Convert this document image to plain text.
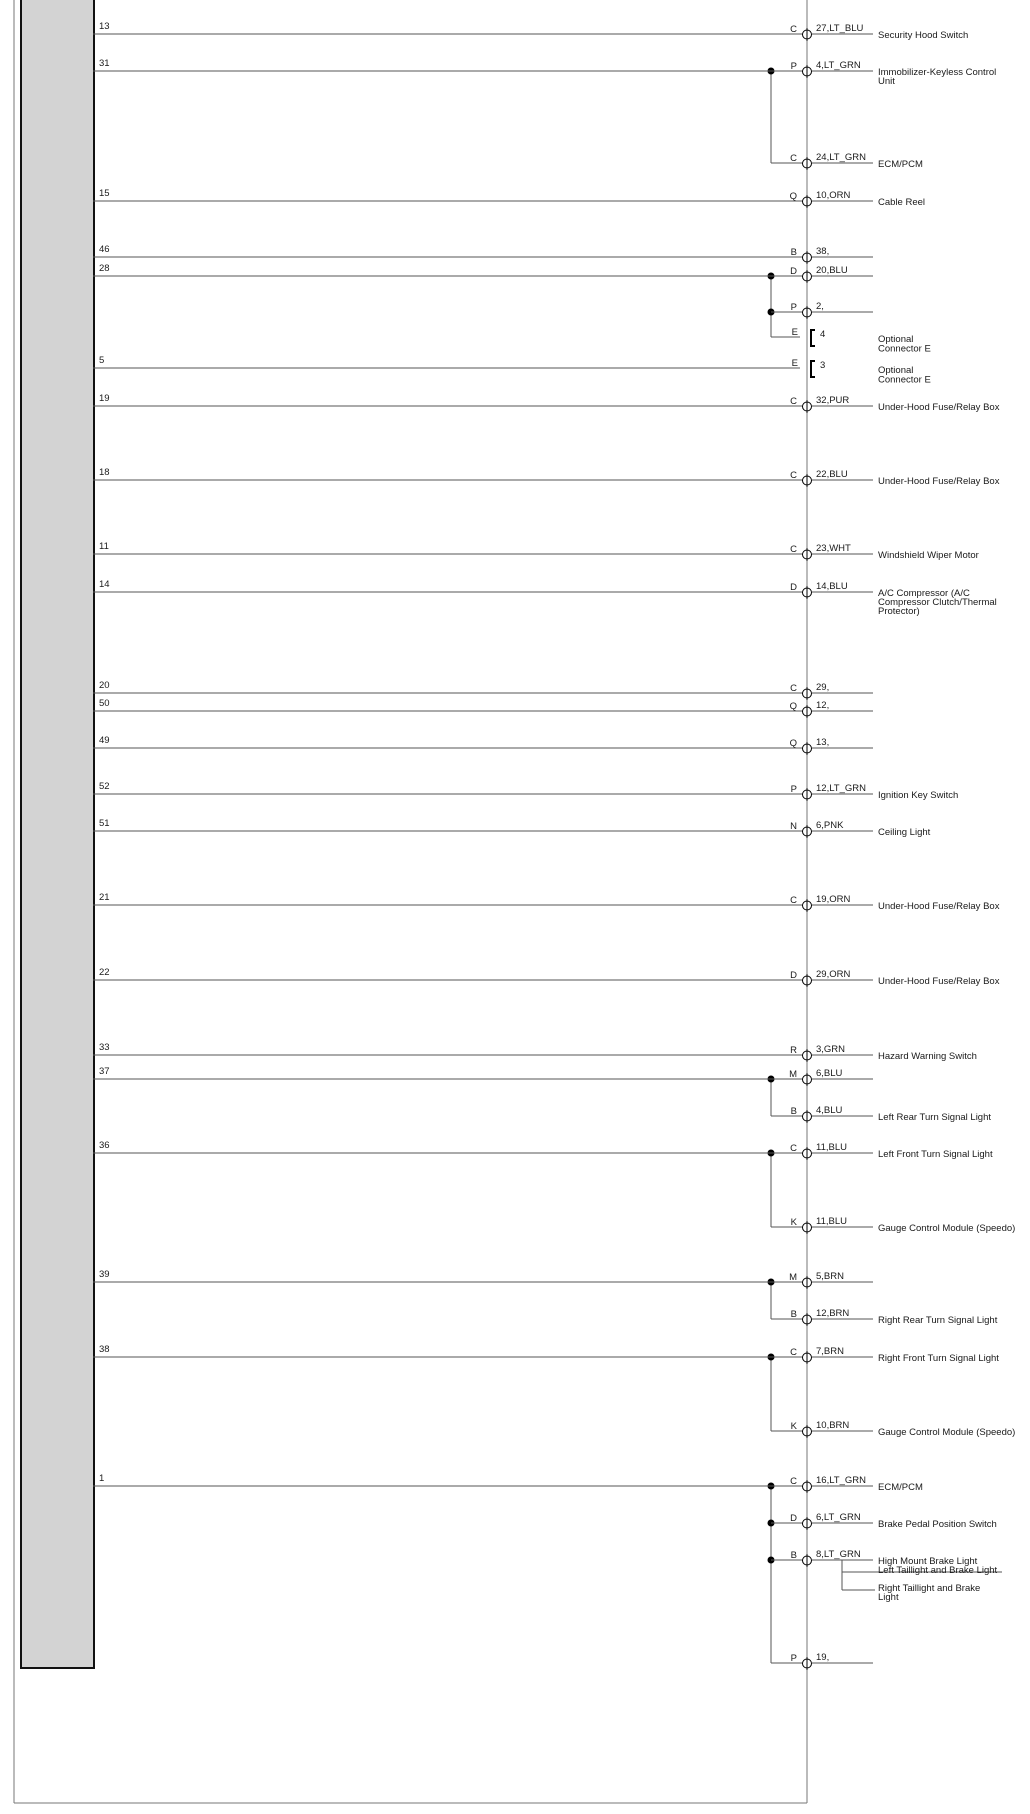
13	C 27,LT_BLU
Security Hood Switch
31	P 4,LT_GRN
Immobilizer-Keyless Control
Unit
C 24,LT_GRN
ECM/PCM
15	Q 10,ORN
Cable Reel
46	B 38,
28	D 20,BLU
P 2,
E 4	Optional
Connector E
5	E 3	Optional
Connector E
19	C 32,PUR
Under-Hood Fuse/Relay Box
18	C 22,BLU
Under-Hood Fuse/Relay Box
11	C 23,WHT
Windshield Wiper Motor
14	D 14,BLU
A/C Compressor (A/C
Compressor Clutch/Thermal
Protector)
20	C 29,
50	Q 12,
49	Q 13,
52	P 12,LT_GRN
Ignition Key Switch
51	N 6,PNK
Ceiling Light
21	C 19,ORN
Under-Hood Fuse/Relay Box
22	D 29,ORN
Under-Hood Fuse/Relay Box
33	R 3,GRN
Hazard Warning Switch
37	M 6,BLU
B 4,BLU
Left Rear Turn Signal Light
36	C 11,BLU
Left Front Turn Signal Light
K 11,BLU
Gauge Control Module (Speedo)
39	M 5,BRN
B 12,BRN
Right Rear Turn Signal Light
38	C 7,BRN
Right Front Turn Signal Light
K 10,BRN
Gauge Control Module (Speedo)
1	C 16,LT_GRN
ECM/PCM
D 6,LT_GRN
Brake Pedal Position Switch
B 8,LT_GRN
High Mount Brake Light
Left Taillight and Brake Light
Right Taillight and Brake
Light
P 19,
